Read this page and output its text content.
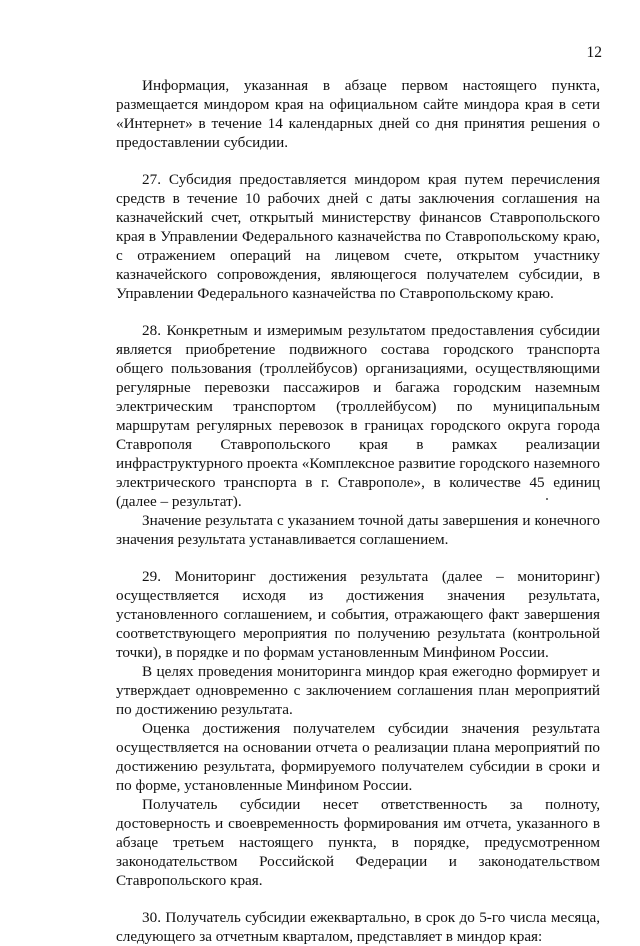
12

Информация, указанная в абзаце первом настоящего пункта, размещается миндором края на официальном сайте миндора края в сети «Интернет» в течение 14 календарных дней со дня принятия решения о предоставлении субсидии.

27. Субсидия предоставляется миндором края путем перечисления средств в течение 10 рабочих дней с даты заключения соглашения на казначейский счет, открытый министерству финансов Ставропольского края в Управлении Федерального казначейства по Ставропольскому краю, с отражением операций на лицевом счете, открытом участнику казначейского сопровождения, являющегося получателем субсидии, в Управлении Федерального казначейства по Ставропольскому краю.

28. Конкретным и измеримым результатом предоставления субсидии является приобретение подвижного состава городского транспорта общего пользования (троллейбусов) организациями, осуществляющими регулярные перевозки пассажиров и багажа городским наземным электрическим транспортом (троллейбусом) по муниципальным маршрутам регулярных перевозок в границах городского округа города Ставрополя Ставропольского края в рамках реализации инфраструктурного проекта «Комплексное развитие городского наземного электрического транспорта в г. Ставрополе», в количестве 45 единиц (далее – результат).

Значение результата с указанием точной даты завершения и конечного значения результата устанавливается соглашением.

29. Мониторинг достижения результата (далее – мониторинг) осуществляется исходя из достижения значения результата, установленного соглашением, и события, отражающего факт завершения соответствующего мероприятия по получению результата (контрольной точки), в порядке и по формам установленным Минфином России.

В целях проведения мониторинга миндор края ежегодно формирует и утверждает одновременно с заключением соглашения план мероприятий по достижению результата.

Оценка достижения получателем субсидии значения результата осуществляется на основании отчета о реализации плана мероприятий по достижению результата, формируемого получателем субсидии в сроки и по форме, установленные Минфином России.

Получатель субсидии несет ответственность за полноту, достоверность и своевременность формирования им отчета, указанного в абзаце третьем настоящего пункта, в порядке, предусмотренном законодательством Российской Федерации и законодательством Ставропольского края.

30. Получатель субсидии ежеквартально, в срок до 5-го числа месяца, следующего за отчетным кварталом, представляет в миндор края:
